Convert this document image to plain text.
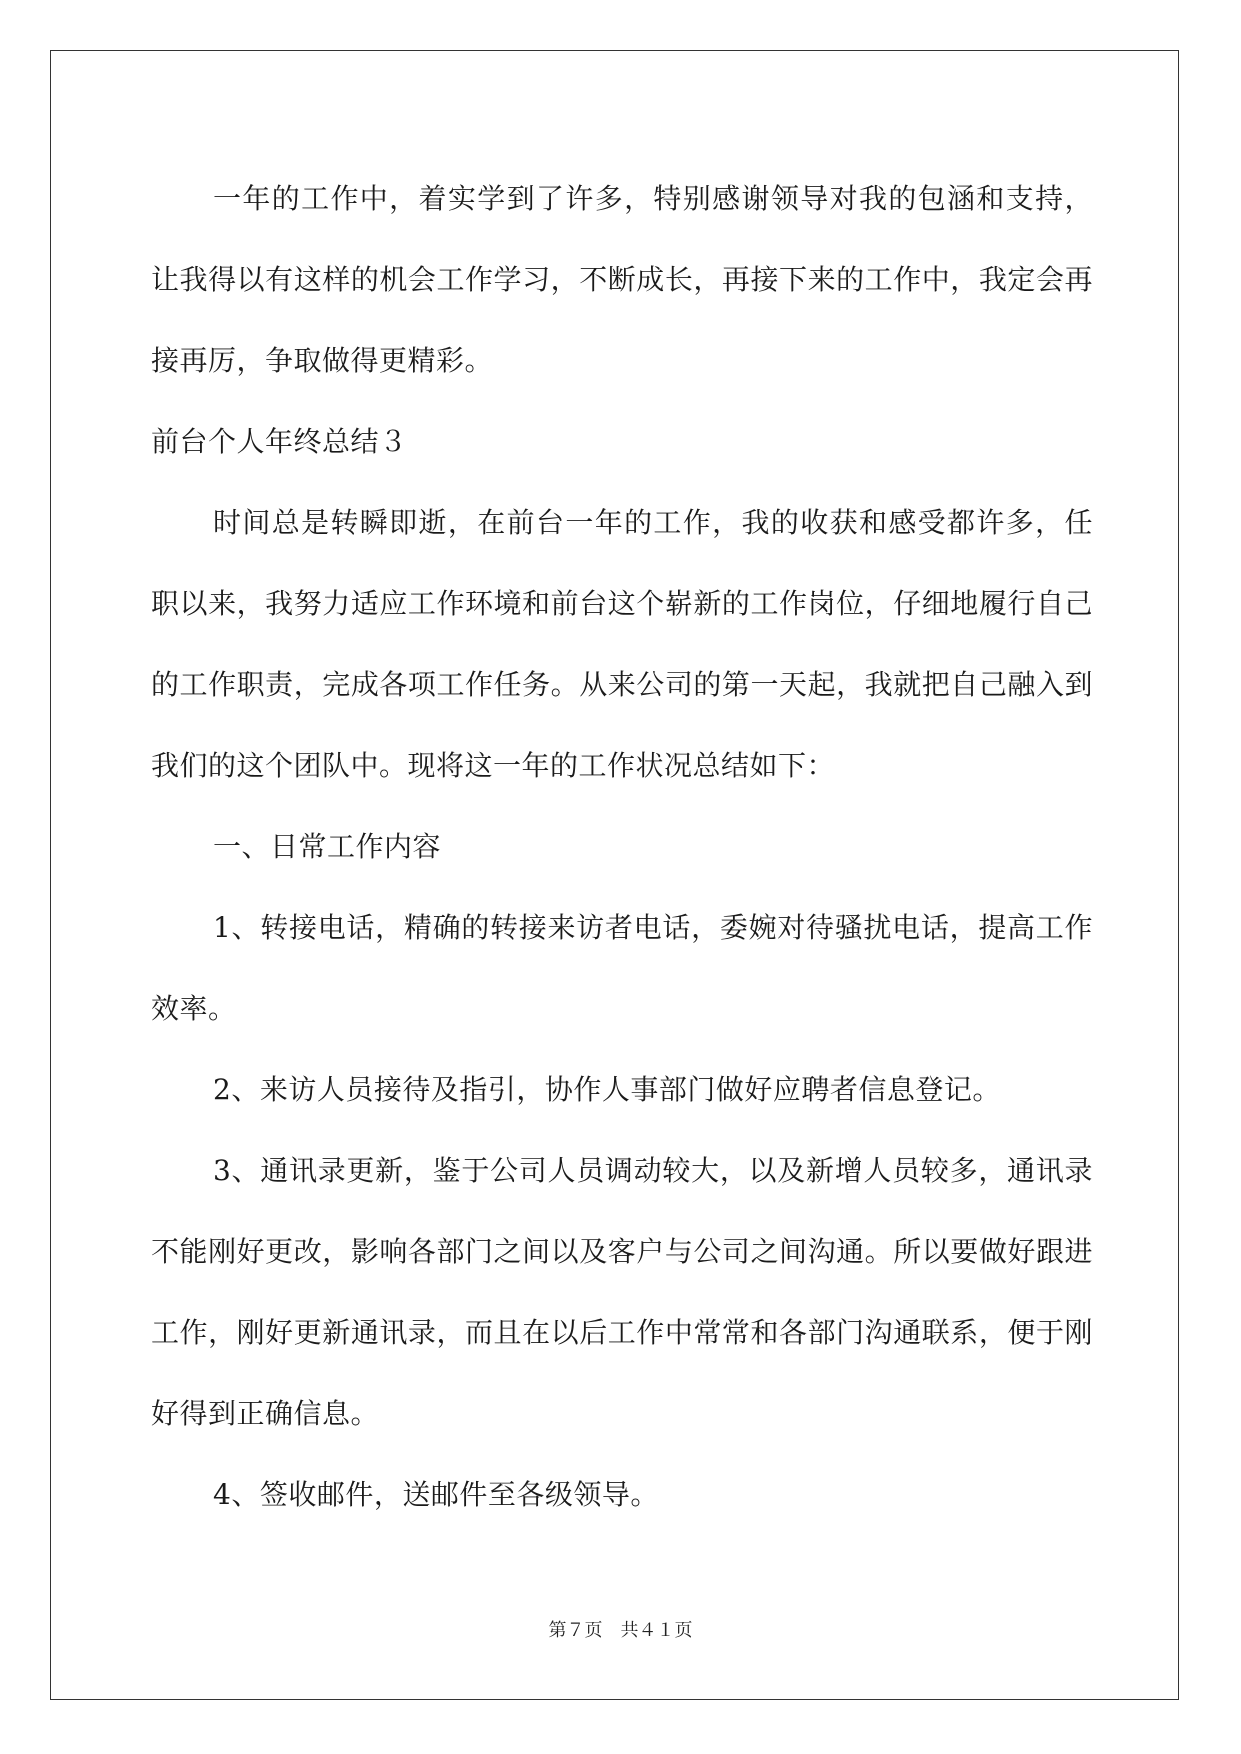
一年的工作中，着实学到了许多，特别感谢领导对我的包涵和支持，让我得以有这样的机会工作学习，不断成长，再接下来的工作中，我定会再接再厉，争取做得更精彩。

前台个人年终总结３

时间总是转瞬即逝，在前台一年的工作，我的收获和感受都许多，任职以来，我努力适应工作环境和前台这个崭新的工作岗位，仔细地履行自己的工作职责，完成各项工作任务。从来公司的第一天起，我就把自己融入到我们的这个团队中。现将这一年的工作状况总结如下：

一、日常工作内容

1、转接电话，精确的转接来访者电话，委婉对待骚扰电话，提高工作效率。

2、来访人员接待及指引，协作人事部门做好应聘者信息登记。

3、通讯录更新，鉴于公司人员调动较大，以及新增人员较多，通讯录不能刚好更改，影响各部门之间以及客户与公司之间沟通。所以要做好跟进工作，刚好更新通讯录，而且在以后工作中常常和各部门沟通联系，便于刚好得到正确信息。

4、签收邮件，送邮件至各级领导。

第７页 共４１页
